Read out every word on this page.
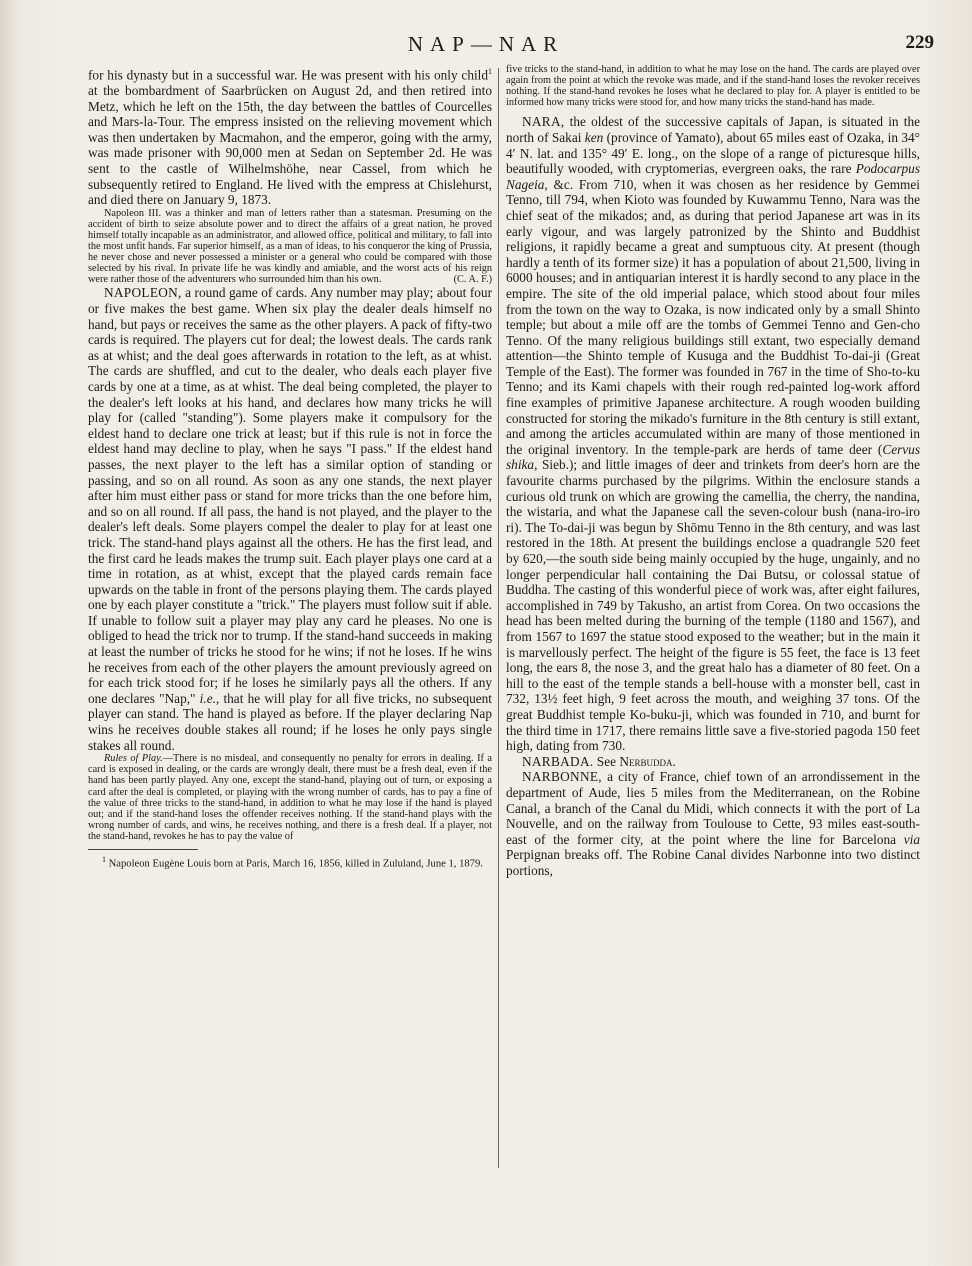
NAP—NAR	229

for his dynasty but in a successful war. He was present with his only child$^1$ at the bombardment of Saarbrücken on August 2d, and then retired into Metz, which he left on the 15th, the day between the battles of Courcelles and Mars-la-Tour. The empress insisted on the relieving movement which was then undertaken by Macmahon, and the emperor, going with the army, was made prisoner with 90,000 men at Sedan on September 2d. He was sent to the castle of Wilhelmshöhe, near Cassel, from which he subsequently retired to England. He lived with the empress at Chislehurst, and died there on January 9, 1873.

Napoleon III. was a thinker and man of letters rather than a statesman. Presuming on the accident of birth to seize absolute power and to direct the affairs of a great nation, he proved himself totally incapable as an administrator, and allowed office, political and military, to fall into the most unfit hands. Far superior himself, as a man of ideas, to his conqueror the king of Prussia, he never chose and never possessed a minister or a general who could be compared with those selected by his rival. In private life he was kindly and amiable, and the worst acts of his reign were rather those of the adventurers who surrounded him than his own.	(C. A. F.)

NAPOLEON, a round game of cards. Any number may play; about four or five makes the best game. When six play the dealer deals himself no hand, but pays or receives the same as the other players. A pack of fifty-two cards is required. The players cut for deal; the lowest deals. The cards rank as at whist; and the deal goes afterwards in rotation to the left, as at whist. The cards are shuffled, and cut to the dealer, who deals each player five cards by one at a time, as at whist. The deal being completed, the player to the dealer's left looks at his hand, and declares how many tricks he will play for (called "standing"). Some players make it compulsory for the eldest hand to declare one trick at least; but if this rule is not in force the eldest hand may decline to play, when he says "I pass." If the eldest hand passes, the next player to the left has a similar option of standing or passing, and so on all round. As soon as any one stands, the next player after him must either pass or stand for more tricks than the one before him, and so on all round. If all pass, the hand is not played, and the player to the dealer's left deals. Some players compel the dealer to play for at least one trick. The stand-hand plays against all the others. He has the first lead, and the first card he leads makes the trump suit. Each player plays one card at a time in rotation, as at whist, except that the played cards remain face upwards on the table in front of the persons playing them. The cards played one by each player constitute a "trick." The players must follow suit if able. If unable to follow suit a player may play any card he pleases. No one is obliged to head the trick nor to trump. If the stand-hand succeeds in making at least the number of tricks he stood for he wins; if not he loses. If he wins he receives from each of the other players the amount previously agreed on for each trick stood for; if he loses he similarly pays all the others. If any one declares "Nap," i.e., that he will play for all five tricks, no subsequent player can stand. The hand is played as before. If the player declaring Nap wins he receives double stakes all round; if he loses he only pays single stakes all round.

Rules of Play.—There is no misdeal, and consequently no penalty for errors in dealing. If a card is exposed in dealing, or the cards are wrongly dealt, there must be a fresh deal, even if the hand has been partly played. Any one, except the stand-hand, playing out of turn, or exposing a card after the deal is completed, or playing with the wrong number of cards, has to pay a fine of the value of three tricks to the stand-hand, in addition to what he may lose if the hand is played out; and if the stand-hand loses the offender receives nothing. If the stand-hand plays with the wrong number of cards, and wins, he receives nothing, and there is a fresh deal. If a player, not the stand-hand, revokes he has to pay the value of

$^1$ Napoleon Eugène Louis born at Paris, March 16, 1856, killed in Zululand, June 1, 1879.

five tricks to the stand-hand, in addition to what he may lose on the hand. The cards are played over again from the point at which the revoke was made, and if the stand-hand loses the revoker receives nothing. If the stand-hand revokes he loses what he declared to play for. A player is entitled to be informed how many tricks were stood for, and how many tricks the stand-hand has made.

NARA, the oldest of the successive capitals of Japan, is situated in the north of Sakai ken (province of Yamato), about 65 miles east of Ozaka, in 34° 4′ N. lat. and 135° 49′ E. long., on the slope of a range of picturesque hills, beautifully wooded, with cryptomerias, evergreen oaks, the rare Podocarpus Nageia, &c. From 710, when it was chosen as her residence by Gemmei Tenno, till 794, when Kioto was founded by Kuwammu Tenno, Nara was the chief seat of the mikados; and, as during that period Japanese art was in its early vigour, and was largely patronized by the Shinto and Buddhist religions, it rapidly became a great and sumptuous city. At present (though hardly a tenth of its former size) it has a population of about 21,500, living in 6000 houses; and in antiquarian interest it is hardly second to any place in the empire. The site of the old imperial palace, which stood about four miles from the town on the way to Ozaka, is now indicated only by a small Shinto temple; but about a mile off are the tombs of Gemmei Tenno and Gen-cho Tenno. Of the many religious buildings still extant, two especially demand attention—the Shinto temple of Kusuga and the Buddhist To-dai-ji (Great Temple of the East). The former was founded in 767 in the time of Sho-to-ku Tenno; and its Kami chapels with their rough red-painted log-work afford fine examples of primitive Japanese architecture. A rough wooden building constructed for storing the mikado's furniture in the 8th century is still extant, and among the articles accumulated within are many of those mentioned in the original inventory. In the temple-park are herds of tame deer (Cervus shika, Sieb.); and little images of deer and trinkets from deer's horn are the favourite charms purchased by the pilgrims. Within the enclosure stands a curious old trunk on which are growing the camellia, the cherry, the nandina, the wistaria, and what the Japanese call the seven-colour bush (nana-iro-iro ri). The To-dai-ji was begun by Shōmu Tenno in the 8th century, and was last restored in the 18th. At present the buildings enclose a quadrangle 520 feet by 620,—the south side being mainly occupied by the huge, ungainly, and no longer perpendicular hall containing the Dai Butsu, or colossal statue of Buddha. The casting of this wonderful piece of work was, after eight failures, accomplished in 749 by Takusho, an artist from Corea. On two occasions the head has been melted during the burning of the temple (1180 and 1567), and from 1567 to 1697 the statue stood exposed to the weather; but in the main it is marvellously perfect. The height of the figure is 55 feet, the face is 13 feet long, the ears 8, the nose 3, and the great halo has a diameter of 80 feet. On a hill to the east of the temple stands a bell-house with a monster bell, cast in 732, 13½ feet high, 9 feet across the mouth, and weighing 37 tons. Of the great Buddhist temple Ko-buku-ji, which was founded in 710, and burnt for the third time in 1717, there remains little save a five-storied pagoda 150 feet high, dating from 730.

NARBADA. See Nerbudda.

NARBONNE, a city of France, chief town of an arrondissement in the department of Aude, lies 5 miles from the Mediterranean, on the Robine Canal, a branch of the Canal du Midi, which connects it with the port of La Nouvelle, and on the railway from Toulouse to Cette, 93 miles east-south-east of the former city, at the point where the line for Barcelona via Perpignan breaks off. The Robine Canal divides Narbonne into two distinct portions,
